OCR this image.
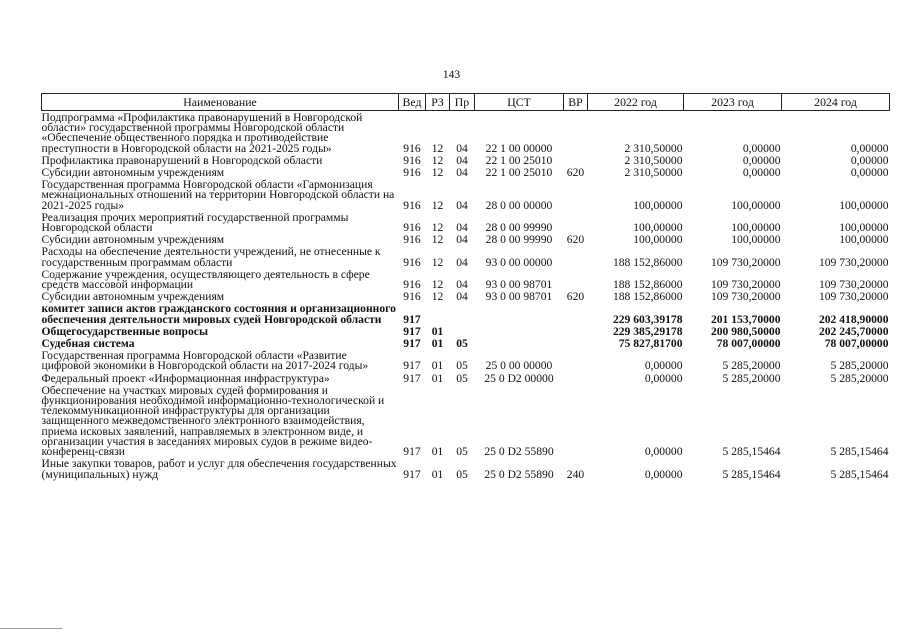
143
Наименование	Вед	РЗ	Пр	ЦСТ	ВР	2022 год	2023 год	2024 год
Подпрограмма «Профилактика правонарушений в Новгородской области» государственной программы Новгородской области «Обеспечение общественного порядка и противодействие преступности в Новгородской области на 2021-2025 годы»	916	12	04	22 1 00 00000		2 310,50000	0,00000	0,00000
Профилактика правонарушений в Новгородской области	916	12	04	22 1 00 25010		2 310,50000	0,00000	0,00000
Субсидии автономным учреждениям	916	12	04	22 1 00 25010	620	2 310,50000	0,00000	0,00000
Государственная программа Новгородской области «Гармонизация межнациональных отношений на территории Новгородской области на 2021-2025 годы»	916	12	04	28 0 00 00000		100,00000	100,00000	100,00000
Реализация прочих мероприятий государственной программы Новгородской области	916	12	04	28 0 00 99990		100,00000	100,00000	100,00000
Субсидии автономным учреждениям	916	12	04	28 0 00 99990	620	100,00000	100,00000	100,00000
Расходы на обеспечение деятельности учреждений, не отнесенные к государственным программам области	916	12	04	93 0 00 00000		188 152,86000	109 730,20000	109 730,20000
Содержание учреждения, осуществляющего деятельность в сфере средств массовой информации	916	12	04	93 0 00 98701		188 152,86000	109 730,20000	109 730,20000
Субсидии автономным учреждениям	916	12	04	93 0 00 98701	620	188 152,86000	109 730,20000	109 730,20000
комитет записи актов гражданского состояния и организационного обеспечения деятельности мировых судей Новгородской области	917					229 603,39178	201 153,70000	202 418,90000
Общегосударственные вопросы	917	01				229 385,29178	200 980,50000	202 245,70000
Судебная система	917	01	05			75 827,81700	78 007,00000	78 007,00000
Государственная программа Новгородской области «Развитие цифровой экономики в Новгородской области на 2017-2024 годы»	917	01	05	25 0 00 00000		0,00000	5 285,20000	5 285,20000
Федеральный проект «Информационная инфраструктура»	917	01	05	25 0 D2 00000		0,00000	5 285,20000	5 285,20000
Обеспечение на участках мировых судей формирования и функционирования необходимой информационно-технологической и телекоммуникационной инфраструктуры для организации защищенного межведомственного электронного взаимодействия, приема исковых заявлений, направляемых в электронном виде, и организации участия в заседаниях мировых судов в режиме видео-конференц-связи	917	01	05	25 0 D2 55890		0,00000	5 285,15464	5 285,15464
Иные закупки товаров, работ и услуг для обеспечения государственных (муниципальных) нужд	917	01	05	25 0 D2 55890	240	0,00000	5 285,15464	5 285,15464
